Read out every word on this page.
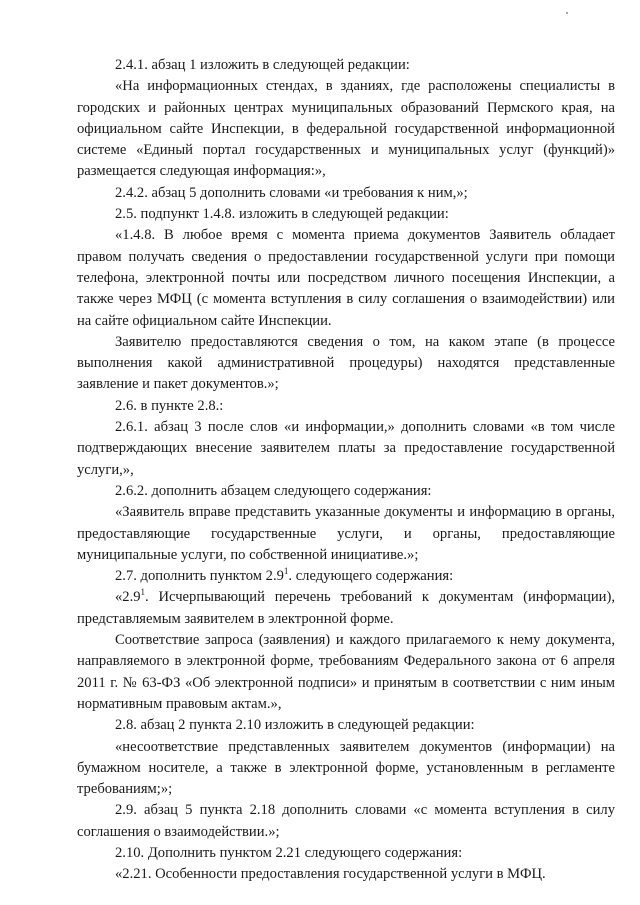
2.4.1. абзац 1 изложить в следующей редакции:

«На информационных стендах, в зданиях, где расположены специалисты в городских и районных центрах муниципальных образований Пермского края, на официальном сайте Инспекции, в федеральной государственной информационной системе «Единый портал государственных и муниципальных услуг (функций)» размещается следующая информация:»,

2.4.2. абзац 5 дополнить словами «и требования к ним,»;

2.5. подпункт 1.4.8. изложить в следующей редакции:

«1.4.8. В любое время с момента приема документов Заявитель обладает правом получать сведения о предоставлении государственной услуги при помощи телефона, электронной почты или посредством личного посещения Инспекции, а также через МФЦ (с момента вступления в силу соглашения о взаимодействии) или на сайте официальном сайте Инспекции.

Заявителю предоставляются сведения о том, на каком этапе (в процессе выполнения какой административной процедуры) находятся представленные заявление и пакет документов.»;

2.6. в пункте 2.8.:

2.6.1. абзац 3 после слов «и информации,» дополнить словами «в том числе подтверждающих внесение заявителем платы за предоставление государственной услуги,»,

2.6.2. дополнить абзацем следующего содержания:

«Заявитель вправе представить указанные документы и информацию в органы, предоставляющие государственные услуги, и органы, предоставляющие муниципальные услуги, по собственной инициативе.»;

2.7. дополнить пунктом $2.9^1$. следующего содержания:

«$2.9^1$. Исчерпывающий перечень требований к документам (информации), представляемым заявителем в электронной форме.

Соответствие запроса (заявления) и каждого прилагаемого к нему документа, направляемого в электронной форме, требованиям Федерального закона от 6 апреля 2011 г. № 63-ФЗ «Об электронной подписи» и принятым в соответствии с ним иным нормативным правовым актам.»,

2.8. абзац 2 пункта 2.10 изложить в следующей редакции:

«несоответствие представленных заявителем документов (информации) на бумажном носителе, а также в электронной форме, установленным в регламенте требованиям;»;

2.9. абзац 5 пункта 2.18 дополнить словами «с момента вступления в силу соглашения о взаимодействии.»;

2.10. Дополнить пунктом 2.21 следующего содержания:

«2.21. Особенности предоставления государственной услуги в МФЦ.
